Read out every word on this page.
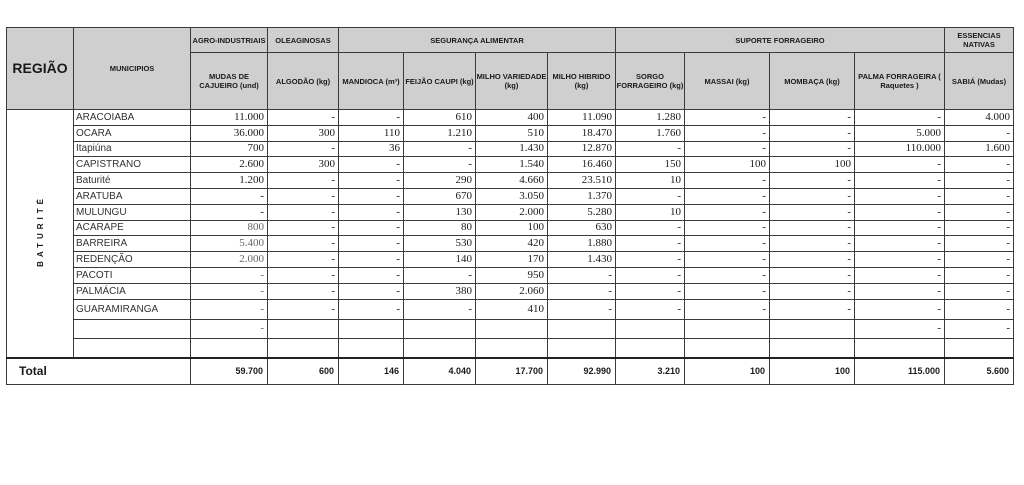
REGIÃO	MUNICIPIOS	AGRO-INDUSTRIAIS	OLEAGINOSAS	SEGURANÇA ALIMENTAR				SUPORTE FORRAGEIRO				ESSENCIAS NATIVAS
		MUDAS DE CAJUEIRO (und)	ALGODÃO (kg)	MANDIOCA (m³)	FEIJÃO CAUPI (kg)	MILHO VARIEDADE (kg)	MILHO HIBRIDO (kg)	SORGO FORRAGEIRO (kg)	MASSAI (kg)	MOMBAÇA (kg)	PALMA FORRAGEIRA ( Raquetes )	SABIÁ (Mudas)
BATURITÉ	ARACOIABA	11.000	-	-	610	400	11.090	1.280	-	-	-	4.000
	OCARA	36.000	300	110	1.210	510	18.470	1.760	-	-	5.000	-
	Itapiúna	700	-	36	-	1.430	12.870	-	-	-	110.000	1.600
	CAPISTRANO	2.600	300	-	-	1.540	16.460	150	100	100	-	-
	Baturité	1.200	-	-	290	4.660	23.510	10	-	-	-	-
	ARATUBA	-	-	-	670	3.050	1.370	-	-	-	-	-
	MULUNGU	-	-	-	130	2.000	5.280	10	-	-	-	-
	ACARAPE	800	-	-	80	100	630	-	-	-	-	-
	BARREIRA	5.400	-	-	530	420	1.880	-	-	-	-	-
	REDENÇÃO	2.000	-	-	140	170	1.430	-	-	-	-	-
	PACOTI	-	-	-	-	950	-	-	-	-	-	-
	PALMÁCIA	-	-	-	380	2.060	-	-	-	-	-	-
	GUARAMIRANGA	-	-	-	-	410	-	-	-	-	-	-
		-									-	-

Total		59.700	600	146	4.040	17.700	92.990	3.210	100	100	115.000	5.600
